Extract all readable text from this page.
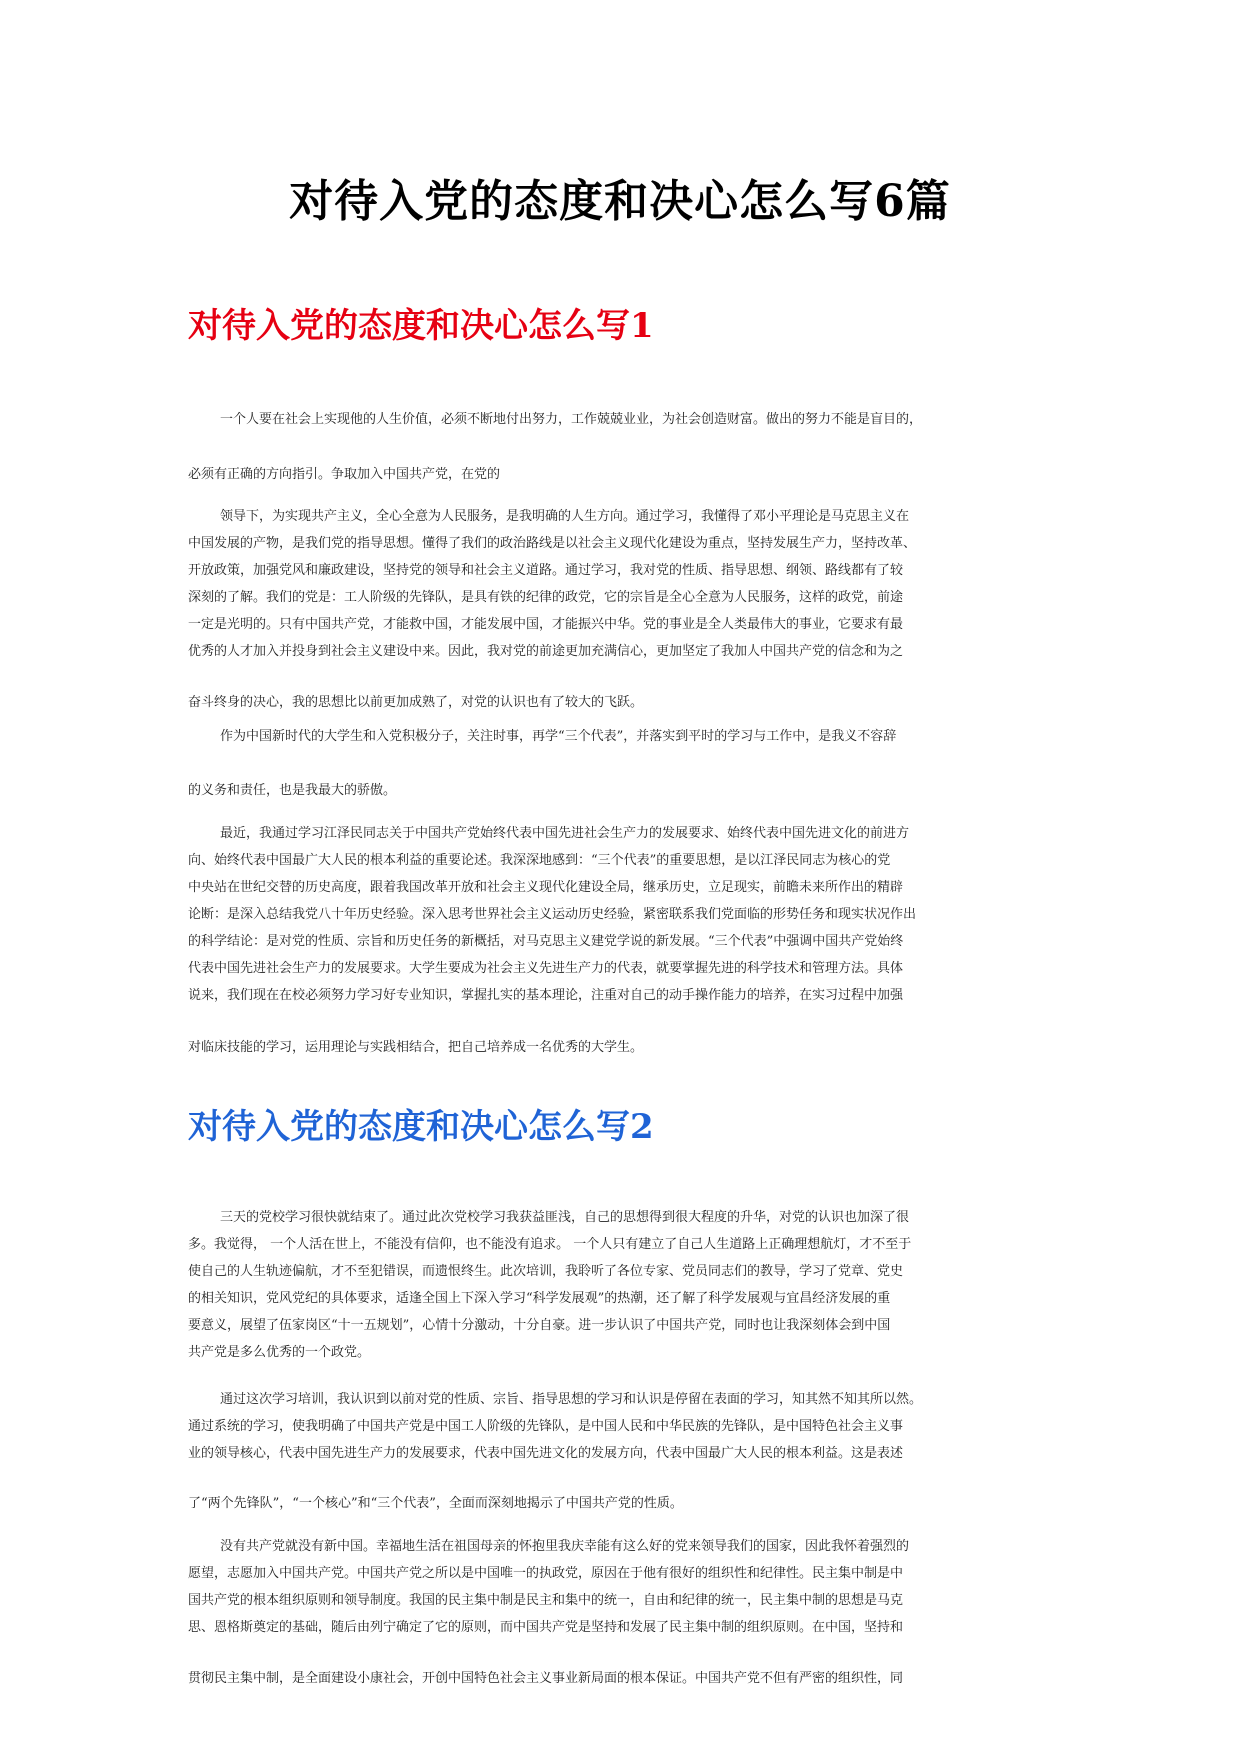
对待入党的态度和决心怎么写6篇
对待入党的态度和决心怎么写1
一个人要在社会上实现他的人生价值，必须不断地付出努力，工作兢兢业业，为社会创造财富。做出的努力不能是盲目的，
必须有正确的方向指引。争取加入中国共产党，在党的
领导下，为实现共产主义，全心全意为人民服务，是我明确的人生方向。通过学习，我懂得了邓小平理论是马克思主义在
中国发展的产物，是我们党的指导思想。懂得了我们的政治路线是以社会主义现代化建设为重点，坚持发展生产力，坚持改革、
开放政策，加强党风和廉政建设，坚持党的领导和社会主义道路。通过学习，我对党的性质、指导思想、纲领、路线都有了较
深刻的了解。我们的党是：工人阶级的先锋队，是具有铁的纪律的政党，它的宗旨是全心全意为人民服务，这样的政党，前途
一定是光明的。只有中国共产党，才能救中国，才能发展中国，才能振兴中华。党的事业是全人类最伟大的事业，它要求有最
优秀的人才加入并投身到社会主义建设中来。因此，我对党的前途更加充满信心，更加坚定了我加人中国共产党的信念和为之
奋斗终身的决心，我的思想比以前更加成熟了，对党的认识也有了较大的飞跃。
作为中国新时代的大学生和入党积极分子，关注时事，再学“三个代表”，并落实到平时的学习与工作中，是我义不容辞
的义务和责任，也是我最大的骄傲。
最近，我通过学习江泽民同志关于中国共产党始终代表中国先进社会生产力的发展要求、始终代表中国先进文化的前进方
向、始终代表中国最广大人民的根本利益的重要论述。我深深地感到：“三个代表”的重要思想，是以江泽民同志为核心的党
中央站在世纪交替的历史高度，跟着我国改革开放和社会主义现代化建设全局，继承历史，立足现实，前瞻未来所作出的精辟
论断：是深入总结我党八十年历史经验。深入思考世界社会主义运动历史经验，紧密联系我们党面临的形势任务和现实状况作出
的科学结论：是对党的性质、宗旨和历史任务的新概括，对马克思主义建党学说的新发展。“三个代表”中强调中国共产党始终
代表中国先进社会生产力的发展要求。大学生要成为社会主义先进生产力的代表，就要掌握先进的科学技术和管理方法。具体
说来，我们现在在校必须努力学习好专业知识，掌握扎实的基本理论，注重对自己的动手操作能力的培养，在实习过程中加强
对临床技能的学习，运用理论与实践相结合，把自己培养成一名优秀的大学生。
对待入党的态度和决心怎么写2
三天的党校学习很快就结束了。通过此次党校学习我获益匪浅，自己的思想得到很大程度的升华，对党的认识也加深了很
多。我觉得， 一个人活在世上，不能没有信仰，也不能没有追求。 一个人只有建立了自己人生道路上正确理想航灯，才不至于
使自己的人生轨迹偏航，才不至犯错误，而遗恨终生。此次培训，我聆听了各位专家、党员同志们的教导，学习了党章、党史
的相关知识，党风党纪的具体要求，适逢全国上下深入学习“科学发展观”的热潮，还了解了科学发展观与宜昌经济发展的重
要意义，展望了伍家岗区“十一五规划”，心情十分激动，十分自豪。进一步认识了中国共产党，同时也让我深刻体会到中国
共产党是多么优秀的一个政党。
通过这次学习培训，我认识到以前对党的性质、宗旨、指导思想的学习和认识是停留在表面的学习，知其然不知其所以然。
通过系统的学习，使我明确了中国共产党是中国工人阶级的先锋队，是中国人民和中华民族的先锋队，是中国特色社会主义事
业的领导核心，代表中国先进生产力的发展要求，代表中国先进文化的发展方向，代表中国最广大人民的根本利益。这是表述
了“两个先锋队”，“一个核心”和“三个代表”，全面而深刻地揭示了中国共产党的性质。
没有共产党就没有新中国。幸福地生活在祖国母亲的怀抱里我庆幸能有这么好的党来领导我们的国家，因此我怀着强烈的
愿望，志愿加入中国共产党。中国共产党之所以是中国唯一的执政党，原因在于他有很好的组织性和纪律性。民主集中制是中
国共产党的根本组织原则和领导制度。我国的民主集中制是民主和集中的统一，自由和纪律的统一，民主集中制的思想是马克
思、恩格斯奠定的基础，随后由列宁确定了它的原则，而中国共产党是坚持和发展了民主集中制的组织原则。在中国，坚持和
贯彻民主集中制，是全面建设小康社会，开创中国特色社会主义事业新局面的根本保证。中国共产党不但有严密的组织性，同
